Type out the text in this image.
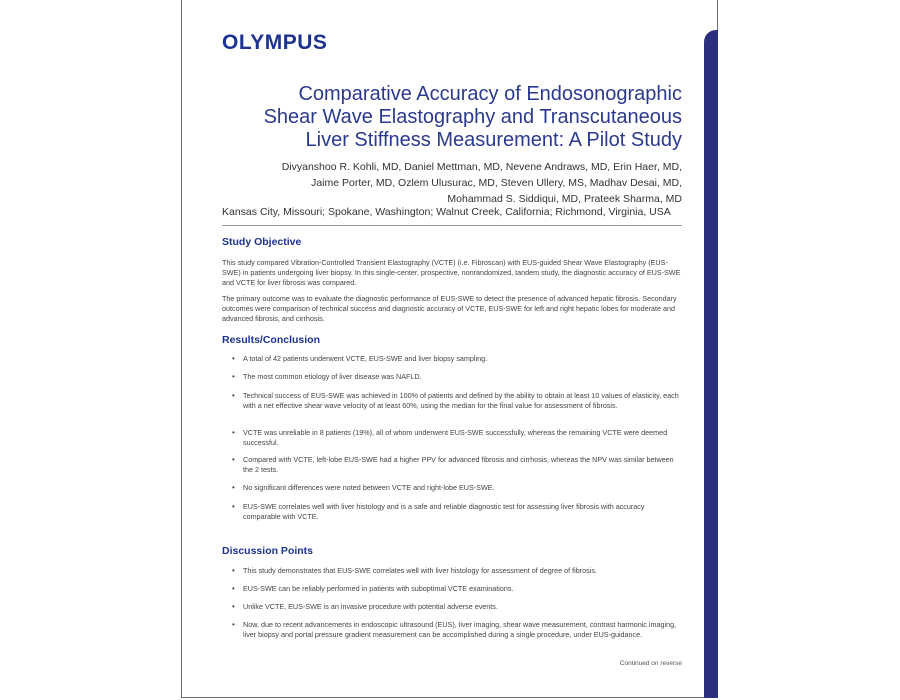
OLYMPUS
Comparative Accuracy of Endosonographic
Shear Wave Elastography and Transcutaneous
Liver Stiffness Measurement: A Pilot Study
Divyanshoo R. Kohli, MD, Daniel Mettman, MD, Nevene Andraws, MD, Erin Haer, MD,
Jaime Porter, MD, Ozlem Ulusurac, MD, Steven Ullery, MS, Madhav Desai, MD,
Mohammad S. Siddiqui, MD, Prateek Sharma, MD
Kansas City, Missouri; Spokane, Washington; Walnut Creek, California; Richmond, Virginia, USA
Study Objective
This study compared Vibration-Controlled Transient Elastography (VCTE) (i.e. Fibroscan) with EUS-guided Shear Wave Elastography (EUS-SWE) in patients undergoing liver biopsy. In this single-center, prospective, nonrandomized, tandem study, the diagnostic accuracy of EUS-SWE and VCTE for liver fibrosis was compared.
The primary outcome was to evaluate the diagnostic performance of EUS-SWE to detect the presence of advanced hepatic fibrosis. Secondary outcomes were comparison of technical success and diagnostic accuracy of VCTE, EUS-SWE for left and right hepatic lobes for moderate and advanced fibrosis, and cirrhosis.
Results/Conclusion
• A total of 42 patients underwent VCTE, EUS-SWE and liver biopsy sampling.
• The most common etiology of liver disease was NAFLD.
• Technical success of EUS-SWE was achieved in 100% of patients and defined by the ability to obtain at least 10 values of elasticity, each with a net effective shear wave velocity of at least 60%, using the median for the final value for assessment of fibrosis.
• VCTE was unreliable in 8 patients (19%), all of whom underwent EUS-SWE successfully, whereas the remaining VCTE were deemed successful.
• Compared with VCTE, left-lobe EUS-SWE had a higher PPV for advanced fibrosis and cirrhosis, whereas the NPV was similar between the 2 tests.
• No significant differences were noted between VCTE and right-lobe EUS-SWE.
• EUS-SWE correlates well with liver histology and is a safe and reliable diagnostic test for assessing liver fibrosis with accuracy comparable with VCTE.
Discussion Points
• This study demonstrates that EUS-SWE correlates well with liver histology for assessment of degree of fibrosis.
• EUS-SWE can be reliably performed in patients with suboptimal VCTE examinations.
• Unlike VCTE, EUS-SWE is an invasive procedure with potential adverse events.
• Now, due to recent advancements in endoscopic ultrasound (EUS), liver imaging, shear wave measurement, contrast harmonic imaging, liver biopsy and portal pressure gradient measurement can be accomplished during a single procedure, under EUS-guidance.
Continued on reverse
